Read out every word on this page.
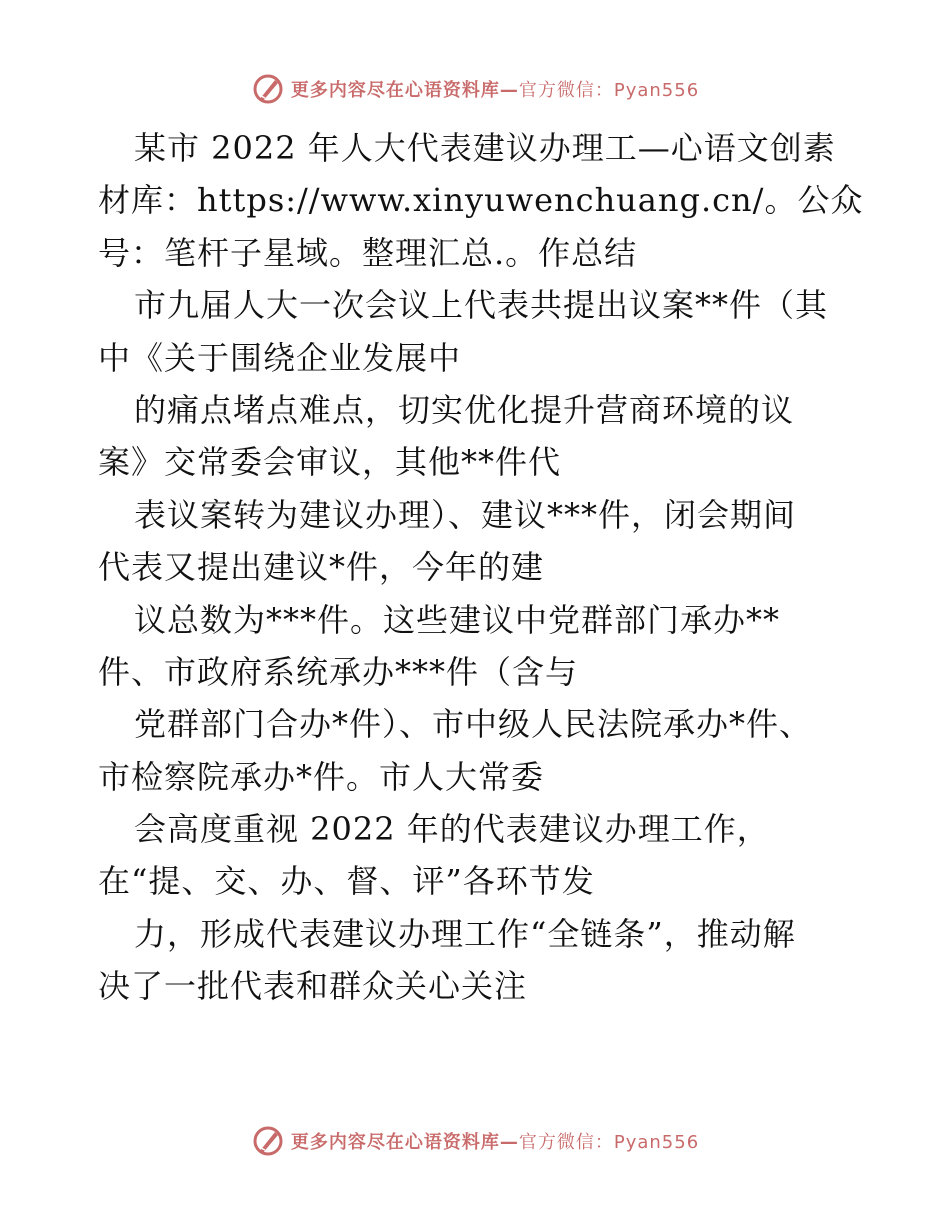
更多内容尽在心语资料库— 官方微信：Pyan556
某市 2022 年人大代表建议办理工—心语文创素
材库：https://www.xinyuwenchuang.cn/。公众
号：笔杆子星域。整理汇总.。作总结
市九届人大一次会议上代表共提出议案**件（其
中《关于围绕企业发展中
的痛点堵点难点，切实优化提升营商环境的议
案》交常委会审议，其他**件代
表议案转为建议办理）、建议***件，闭会期间
代表又提出建议*件，今年的建
议总数为***件。这些建议中党群部门承办**
件、市政府系统承办***件（含与
党群部门合办*件）、市中级人民法院承办*件、
市检察院承办*件。市人大常委
会高度重视 2022 年的代表建议办理工作，
在“提、交、办、督、评”各环节发
力，形成代表建议办理工作“全链条”，推动解
决了一批代表和群众关心关注
更多内容尽在心语资料库— 官方微信：Pyan556
